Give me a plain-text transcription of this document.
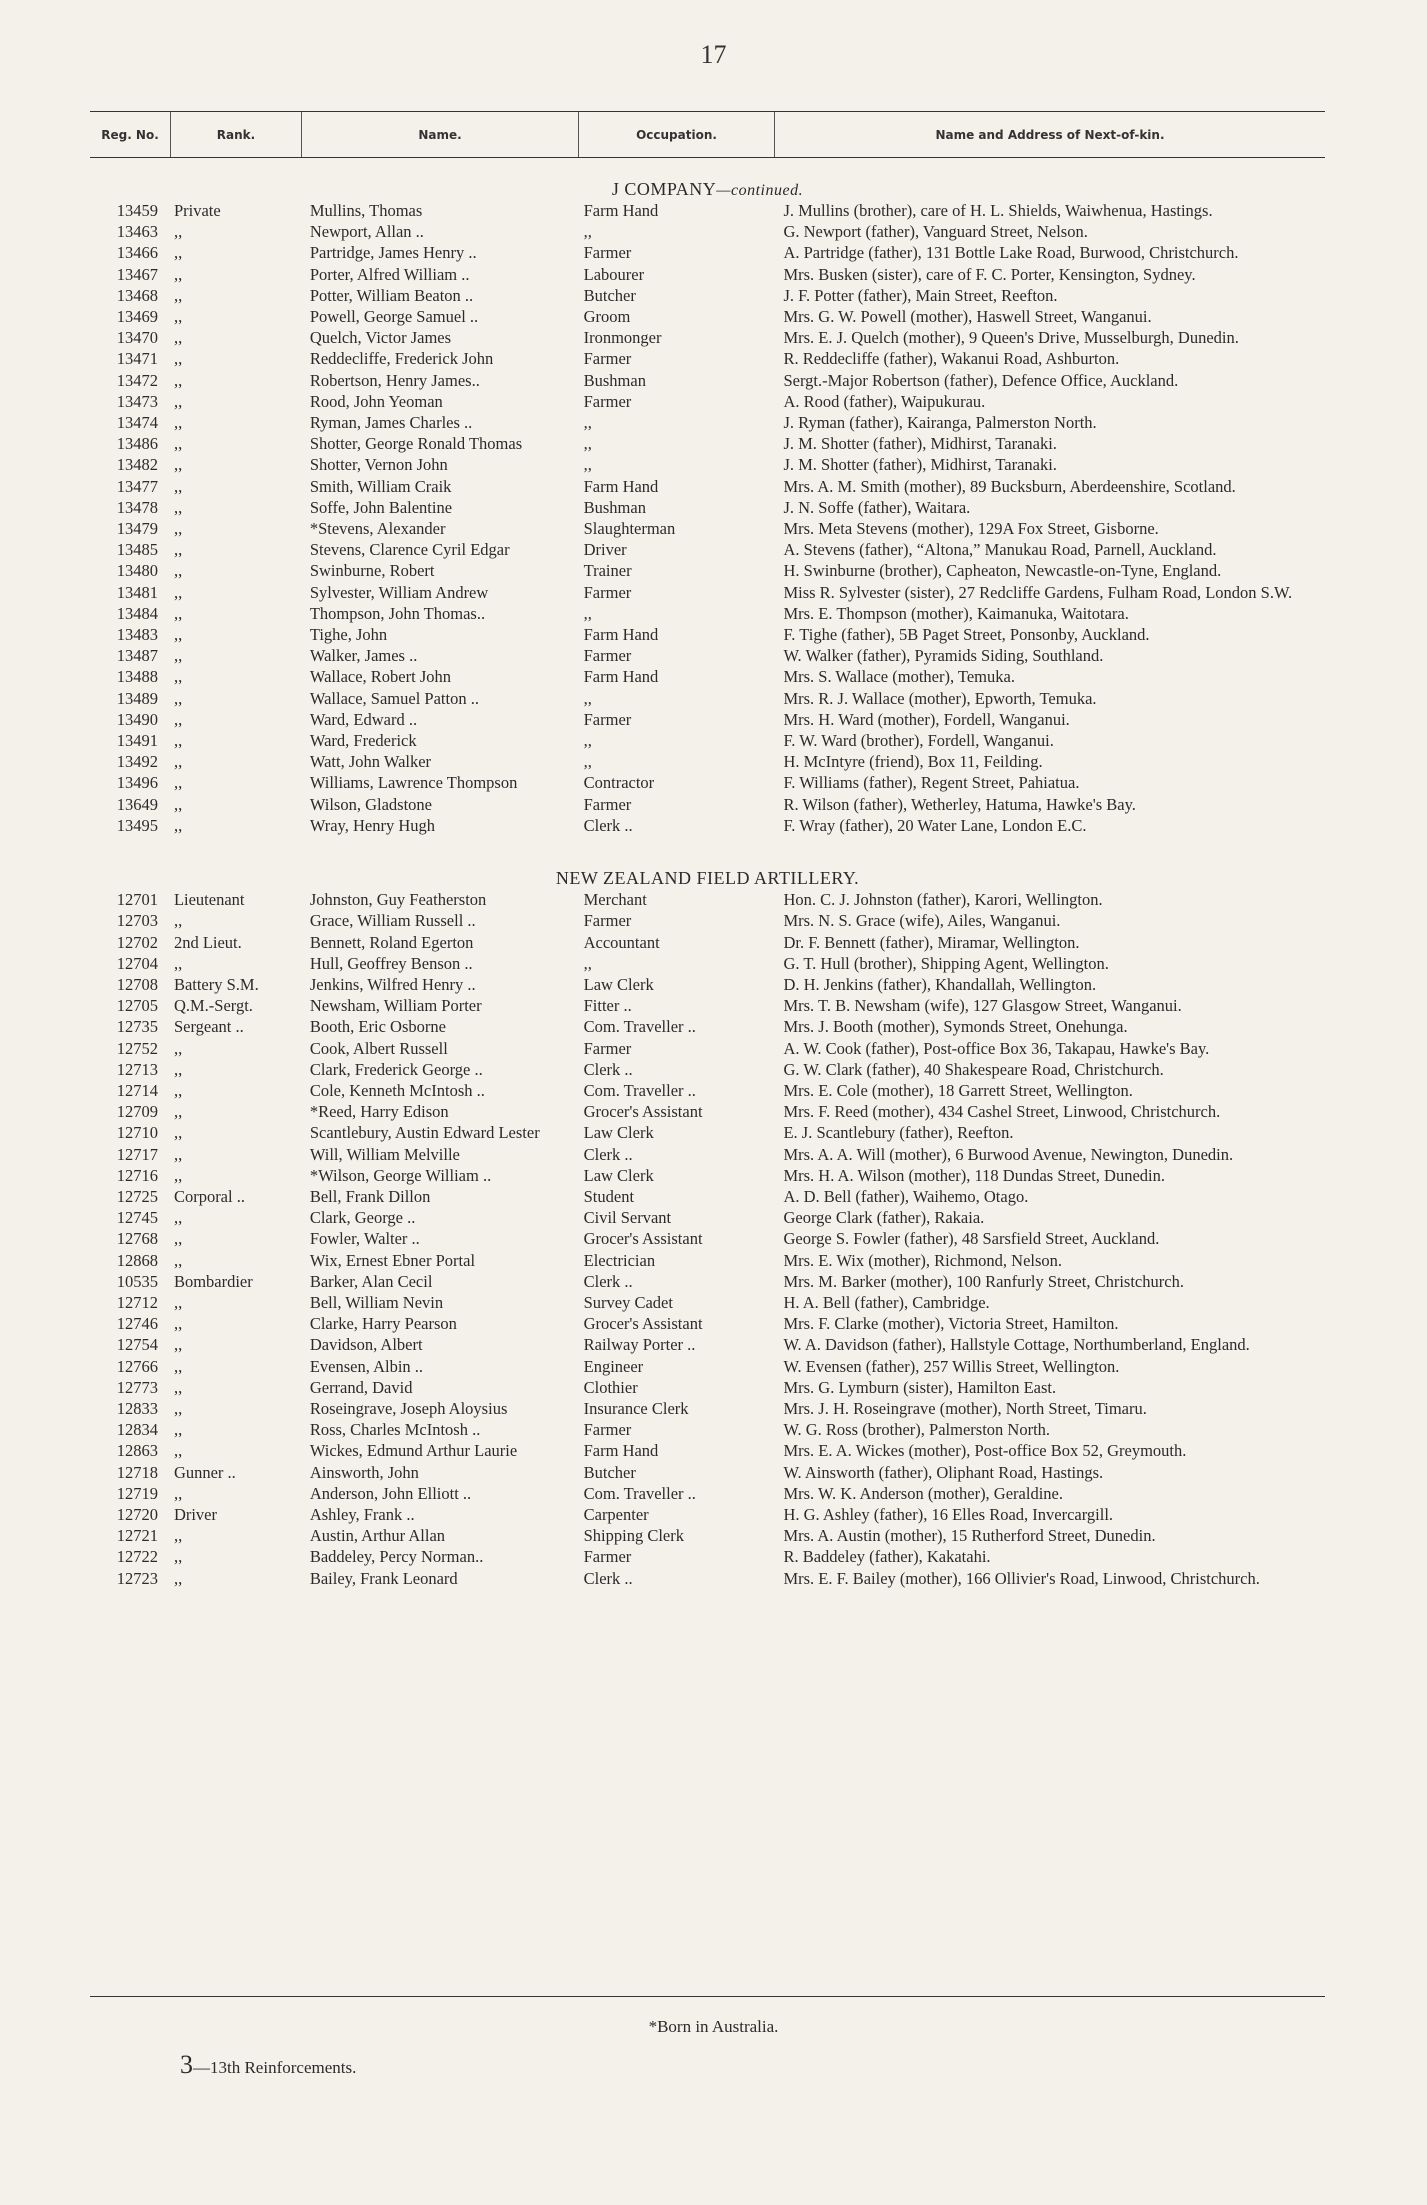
17
Reg. No.	Rank.	Name.	Occupation.	Name and Address of Next-of-kin.
J COMPANY—continued.
13459 Private	Mullins, Thomas	Farm Hand	J. Mullins (brother), care of H. L. Shields, Waiwhenua, Hastings.
13463 ,,	Newport, Allan ..	,,	G. Newport (father), Vanguard Street, Nelson.
13466 ,,	Partridge, James Henry ..	Farmer	A. Partridge (father), 131 Bottle Lake Road, Burwood, Christchurch.
13467 ,,	Porter, Alfred William ..	Labourer	Mrs. Busken (sister), care of F. C. Porter, Kensington, Sydney.
13468 ,,	Potter, William Beaton ..	Butcher	J. F. Potter (father), Main Street, Reefton.
13469 ,,	Powell, George Samuel ..	Groom	Mrs. G. W. Powell (mother), Haswell Street, Wanganui.
13470 ,,	Quelch, Victor James	Ironmonger	Mrs. E. J. Quelch (mother), 9 Queen's Drive, Musselburgh, Dunedin.
13471 ,,	Reddecliffe, Frederick John	Farmer	R. Reddecliffe (father), Wakanui Road, Ashburton.
13472 ,,	Robertson, Henry James..	Bushman	Sergt.-Major Robertson (father), Defence Office, Auckland.
13473 ,,	Rood, John Yeoman	Farmer	A. Rood (father), Waipukurau.
13474 ,,	Ryman, James Charles ..	,,	J. Ryman (father), Kairanga, Palmerston North.
13486 ,,	Shotter, George Ronald Thomas	,,	J. M. Shotter (father), Midhirst, Taranaki.
13482 ,,	Shotter, Vernon John	,,	J. M. Shotter (father), Midhirst, Taranaki.
13477 ,,	Smith, William Craik	Farm Hand	Mrs. A. M. Smith (mother), 89 Bucksburn, Aberdeenshire, Scotland.
13478 ,,	Soffe, John Balentine	Bushman	J. N. Soffe (father), Waitara.
13479 ,,	*Stevens, Alexander	Slaughterman	Mrs. Meta Stevens (mother), 129A Fox Street, Gisborne.
13485 ,,	Stevens, Clarence Cyril Edgar	Driver	A. Stevens (father), “Altona,” Manukau Road, Parnell, Auckland.
13480 ,,	Swinburne, Robert	Trainer	H. Swinburne (brother), Capheaton, Newcastle-on-Tyne, England.
13481 ,,	Sylvester, William Andrew	Farmer	Miss R. Sylvester (sister), 27 Redcliffe Gardens, Fulham Road, London S.W.
13484 ,,	Thompson, John Thomas..	,,	Mrs. E. Thompson (mother), Kaimanuka, Waitotara.
13483 ,,	Tighe, John	Farm Hand	F. Tighe (father), 5B Paget Street, Ponsonby, Auckland.
13487 ,,	Walker, James ..	Farmer	W. Walker (father), Pyramids Siding, Southland.
13488 ,,	Wallace, Robert John	Farm Hand	Mrs. S. Wallace (mother), Temuka.
13489 ,,	Wallace, Samuel Patton ..	,,	Mrs. R. J. Wallace (mother), Epworth, Temuka.
13490 ,,	Ward, Edward ..	Farmer	Mrs. H. Ward (mother), Fordell, Wanganui.
13491 ,,	Ward, Frederick	,,	F. W. Ward (brother), Fordell, Wanganui.
13492 ,,	Watt, John Walker	,,	H. McIntyre (friend), Box 11, Feilding.
13496 ,,	Williams, Lawrence Thompson	Contractor	F. Williams (father), Regent Street, Pahiatua.
13649 ,,	Wilson, Gladstone	Farmer	R. Wilson (father), Wetherley, Hatuma, Hawke's Bay.
13495 ,,	Wray, Henry Hugh	Clerk ..	F. Wray (father), 20 Water Lane, London E.C.
NEW ZEALAND FIELD ARTILLERY.
12701 Lieutenant	Johnston, Guy Featherston	Merchant	Hon. C. J. Johnston (father), Karori, Wellington.
12703 ,,	Grace, William Russell ..	Farmer	Mrs. N. S. Grace (wife), Ailes, Wanganui.
12702 2nd Lieut.	Bennett, Roland Egerton	Accountant	Dr. F. Bennett (father), Miramar, Wellington.
12704 ,,	Hull, Geoffrey Benson ..	,,	G. T. Hull (brother), Shipping Agent, Wellington.
12708 Battery S.M.	Jenkins, Wilfred Henry ..	Law Clerk	D. H. Jenkins (father), Khandallah, Wellington.
12705 Q.M.-Sergt.	Newsham, William Porter	Fitter ..	Mrs. T. B. Newsham (wife), 127 Glasgow Street, Wanganui.
12735 Sergeant ..	Booth, Eric Osborne	Com. Traveller ..	Mrs. J. Booth (mother), Symonds Street, Onehunga.
12752 ,,	Cook, Albert Russell	Farmer	A. W. Cook (father), Post-office Box 36, Takapau, Hawke's Bay.
12713 ,,	Clark, Frederick George ..	Clerk ..	G. W. Clark (father), 40 Shakespeare Road, Christchurch.
12714 ,,	Cole, Kenneth McIntosh ..	Com. Traveller ..	Mrs. E. Cole (mother), 18 Garrett Street, Wellington.
12709 ,,	*Reed, Harry Edison	Grocer's Assistant	Mrs. F. Reed (mother), 434 Cashel Street, Linwood, Christchurch.
12710 ,,	Scantlebury, Austin Edward Lester	Law Clerk	E. J. Scantlebury (father), Reefton.
12717 ,,	Will, William Melville	Clerk ..	Mrs. A. A. Will (mother), 6 Burwood Avenue, Newington, Dunedin.
12716 ,,	*Wilson, George William ..	Law Clerk	Mrs. H. A. Wilson (mother), 118 Dundas Street, Dunedin.
12725 Corporal ..	Bell, Frank Dillon	Student	A. D. Bell (father), Waihemo, Otago.
12745 ,,	Clark, George ..	Civil Servant	George Clark (father), Rakaia.
12768 ,,	Fowler, Walter ..	Grocer's Assistant	George S. Fowler (father), 48 Sarsfield Street, Auckland.
12868 ,,	Wix, Ernest Ebner Portal	Electrician	Mrs. E. Wix (mother), Richmond, Nelson.
10535 Bombardier	Barker, Alan Cecil	Clerk ..	Mrs. M. Barker (mother), 100 Ranfurly Street, Christchurch.
12712 ,,	Bell, William Nevin	Survey Cadet	H. A. Bell (father), Cambridge.
12746 ,,	Clarke, Harry Pearson	Grocer's Assistant	Mrs. F. Clarke (mother), Victoria Street, Hamilton.
12754 ,,	Davidson, Albert	Railway Porter ..	W. A. Davidson (father), Hallstyle Cottage, Northumberland, England.
12766 ,,	Evensen, Albin ..	Engineer	W. Evensen (father), 257 Willis Street, Wellington.
12773 ,,	Gerrand, David	Clothier	Mrs. G. Lymburn (sister), Hamilton East.
12833 ,,	Roseingrave, Joseph Aloysius	Insurance Clerk	Mrs. J. H. Roseingrave (mother), North Street, Timaru.
12834 ,,	Ross, Charles McIntosh ..	Farmer	W. G. Ross (brother), Palmerston North.
12863 ,,	Wickes, Edmund Arthur Laurie	Farm Hand	Mrs. E. A. Wickes (mother), Post-office Box 52, Greymouth.
12718 Gunner ..	Ainsworth, John	Butcher	W. Ainsworth (father), Oliphant Road, Hastings.
12719 ,,	Anderson, John Elliott ..	Com. Traveller ..	Mrs. W. K. Anderson (mother), Geraldine.
12720 Driver	Ashley, Frank ..	Carpenter	H. G. Ashley (father), 16 Elles Road, Invercargill.
12721 ,,	Austin, Arthur Allan	Shipping Clerk	Mrs. A. Austin (mother), 15 Rutherford Street, Dunedin.
12722 ,,	Baddeley, Percy Norman..	Farmer	R. Baddeley (father), Kakatahi.
12723 ,,	Bailey, Frank Leonard	Clerk ..	Mrs. E. F. Bailey (mother), 166 Ollivier's Road, Linwood, Christchurch.
*Born in Australia.
3—13th Reinforcements.
